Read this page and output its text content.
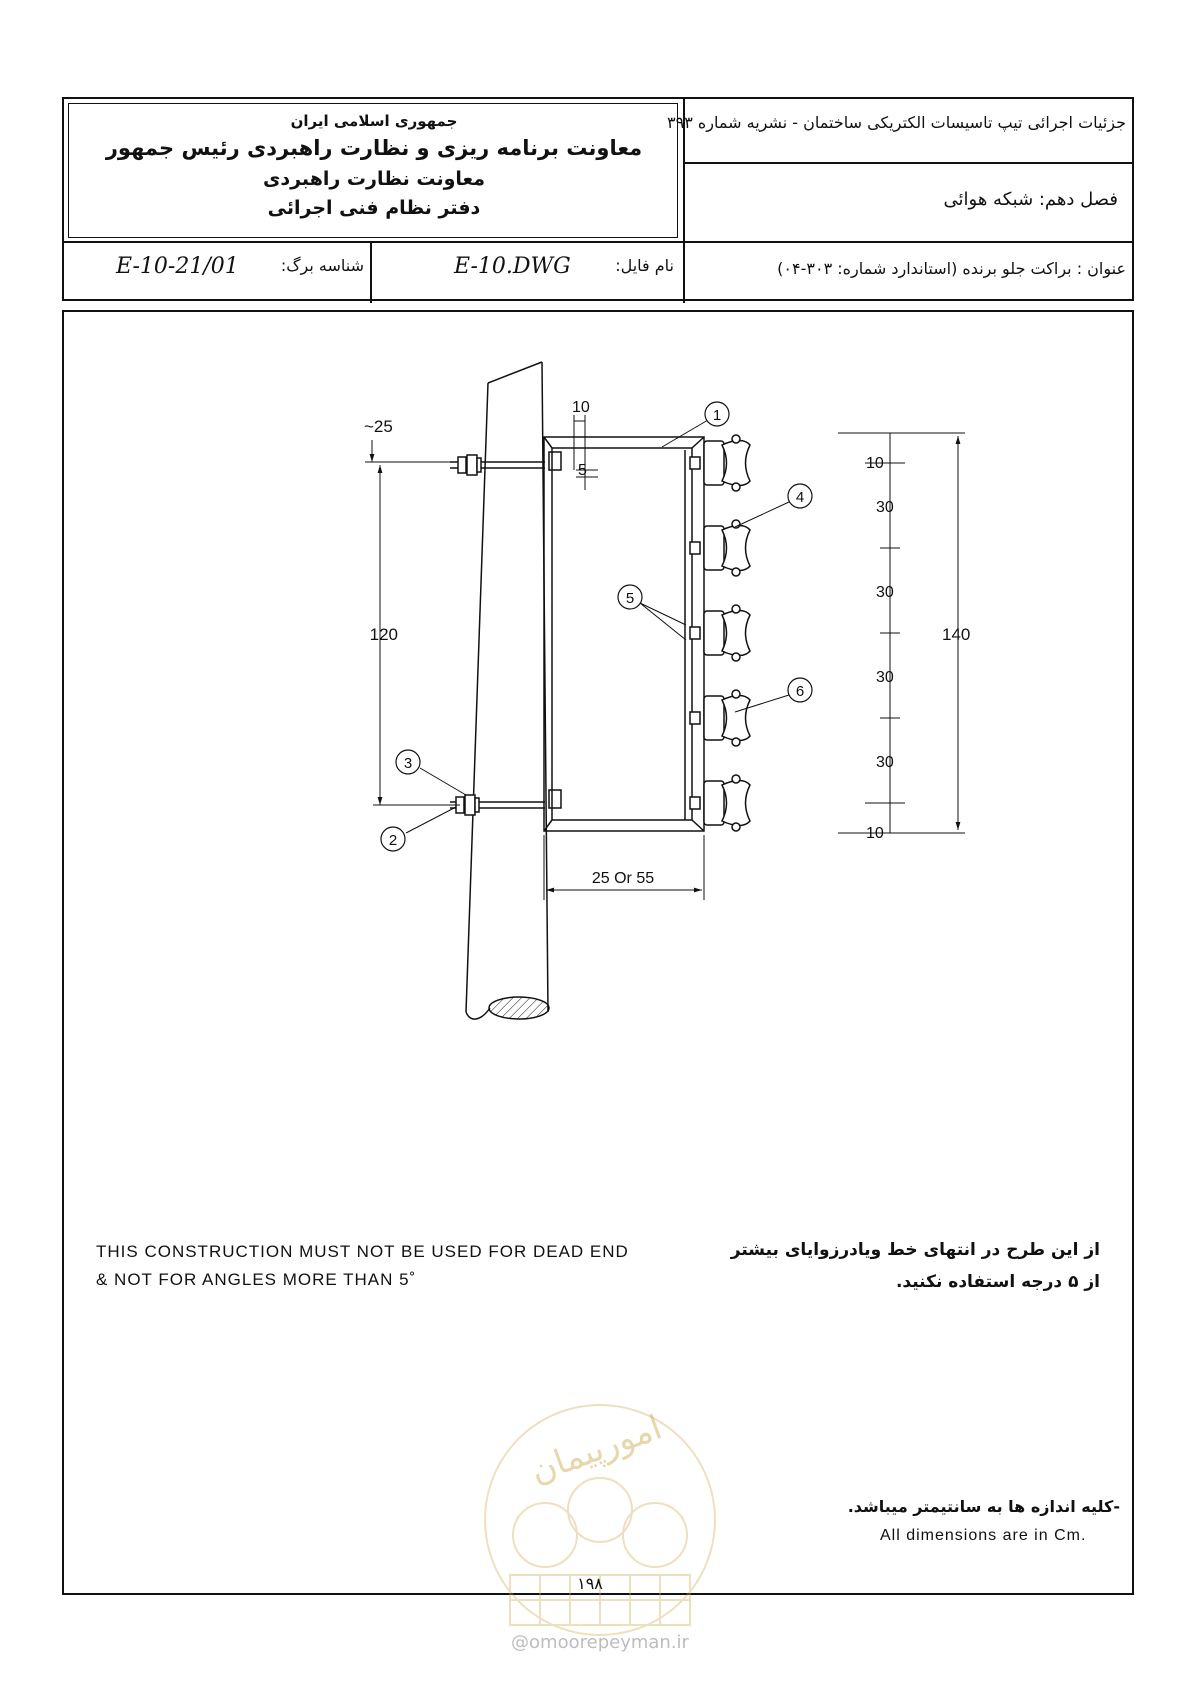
جمهوری اسلامی ایران
معاونت برنامه ریزی و نظارت راهبردی رئیس جمهور
معاونت نظارت راهبردی
دفتر نظام فنی اجرائی
جزئیات اجرائی تیپ تاسیسات الکتریکی ساختمان - نشریه شماره ۳۹۳
فصل دهم: شبکه هوائی
شناسه برگ:
E-10-21/01	نام فایل:
E-10.DWG	عنوان : براکت جلو برنده (استاندارد شماره: ۳۰۳-۰۴)
~25
120
10
5
25 Or 55
10
30
30
30
30
10
140
1
2
3
4
5
6
امورپیمان
THIS CONSTRUCTION MUST NOT BE USED FOR DEAD END
& NOT FOR ANGLES MORE THAN 5˚
از این طرح در انتهای خط ویادرزوایای بیشتر
از ۵ درجه استفاده نکنید.
-کلیه اندازه ها به سانتیمتر میباشد.
All dimensions are in Cm.
۱۹۸
@omoorepeyman.ir
